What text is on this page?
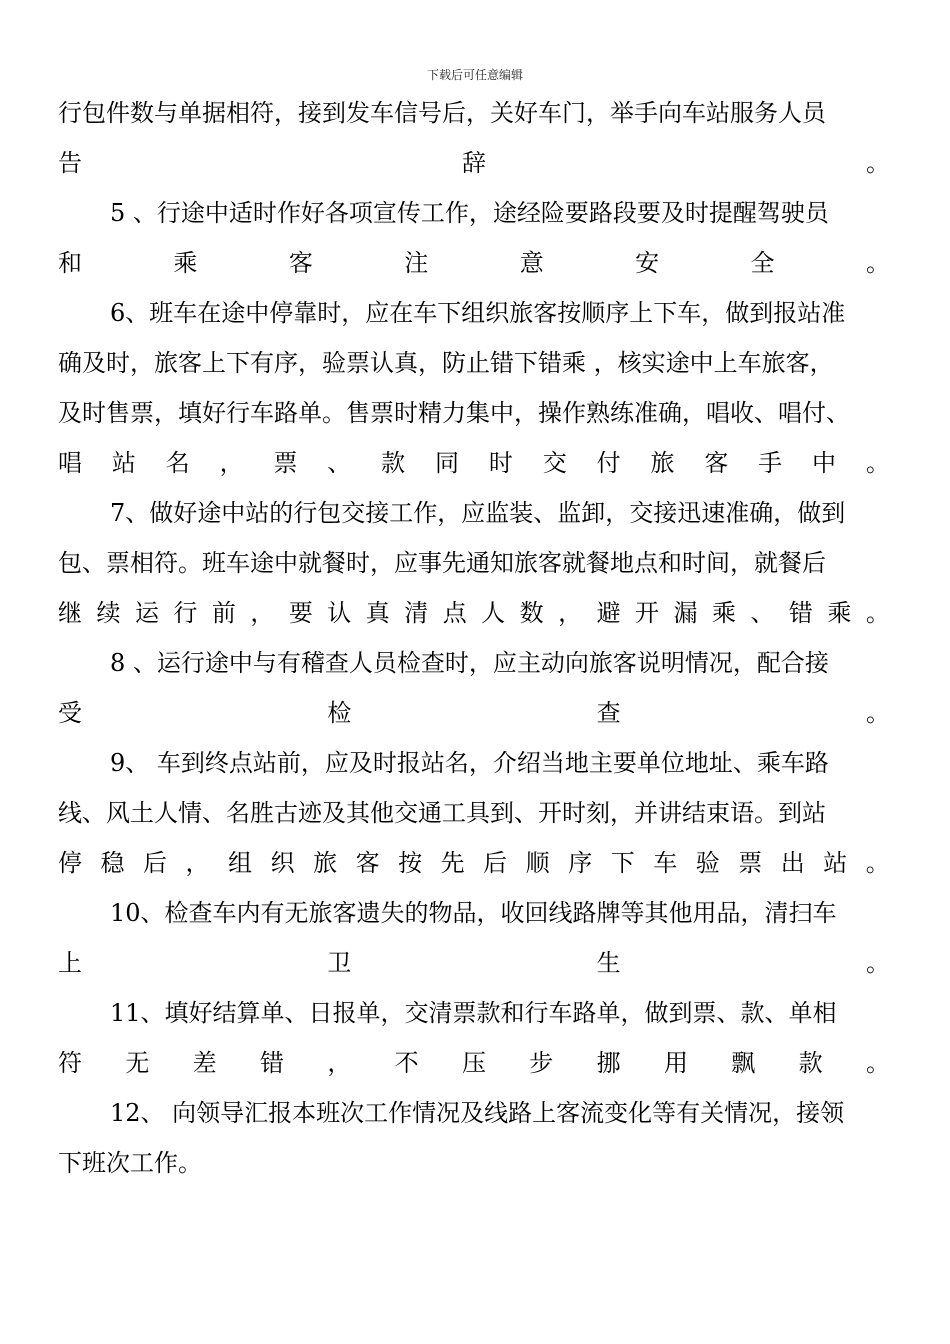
下载后可任意编辑
行包件数与单据相符，接到发车信号后，关好车门，举手向车站服务人员
告	辞	。
5 、行途中适时作好各项宣传工作，途经险要路段要及时提醒驾驶员
和	乘	客	注	意	安	全	。
6、班车在途中停靠时，应在车下组织旅客按顺序上下车，做到报站准
确及时，旅客上下有序，验票认真，防止错下错乘 ，核实途中上车旅客，
及时售票，填好行车路单。售票时精力集中，操作熟练准确，唱收、唱付、
唱 站 名 ， 票 、 款 同 时 交 付 旅 客 手 中 。
7、做好途中站的行包交接工作，应监装、监卸，交接迅速准确，做到
包、票相符。班车途中就餐时，应事先通知旅客就餐地点和时间，就餐后
继 续 运 行 前 ， 要 认 真 清 点 人 数 ， 避 开 漏 乘 、 错 乘 。
8 、运行途中与有稽查人员检查时，应主动向旅客说明情况，配合接
受	检	查	。
9、 车到终点站前，应及时报站名，介绍当地主要单位地址、乘车路
线、风土人情、名胜古迹及其他交通工具到、开时刻，并讲结束语。到站
停 稳 后 ， 组 织 旅 客 按 先 后 顺 序 下 车 验 票 出 站 。
10、检查车内有无旅客遗失的物品，收回线路牌等其他用品，清扫车
上	卫	生	。
11、填好结算单、日报单，交清票款和行车路单，做到票、款、单相
符 无 差 错 ， 不 压 步 挪 用 飘 款 。
12、 向领导汇报本班次工作情况及线路上客流变化等有关情况，接领
下班次工作。
